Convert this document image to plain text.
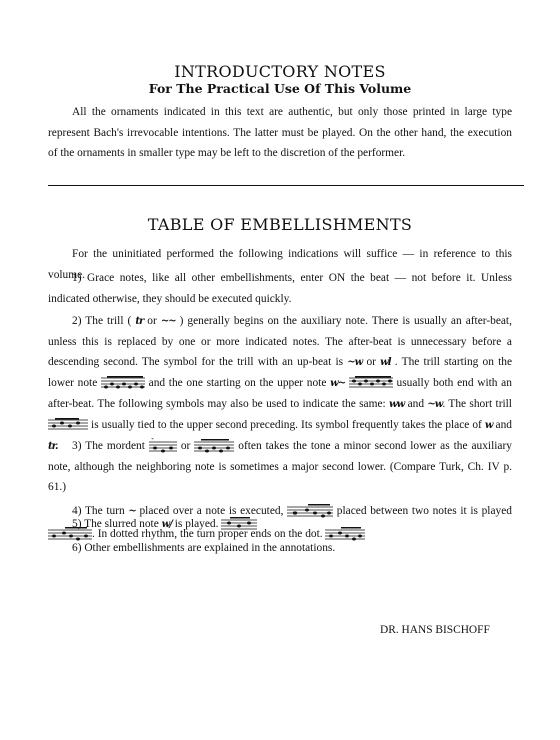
INTRODUCTORY NOTES
For The Practical Use Of This Volume
All the ornaments indicated in this text are authentic, but only those printed in large type represent Bach's irrevocable intentions. The latter must be played. On the other hand, the execution of the ornaments in smaller type may be left to the discretion of the performer.
TABLE OF EMBELLISHMENTS
For the uninitiated performed the following indications will suffice — in reference to this volume.
1) Grace notes, like all other embellishments, enter ON the beat — not before it. Unless indicated otherwise, they should be executed quickly.
2) The trill ( tr or ~~ ) generally begins on the auxiliary note. There is usually an after-beat, unless this is replaced by one or more indicated notes. The after-beat is unnecessary before a descending second. The symbol for the trill with an up-beat is ~w or wl . The trill starting on the lower note	and the one starting on the upper note w~	usually both end with an after-beat. The following symbols may also be used to indicate the same: ww and ~w. The short trill  is usually tied to the upper second preceding. Its symbol frequently takes the place of w and tr.	3) The mordent * or	often takes the tone a minor second lower as the auxiliary note, although the neighboring note is sometimes a major second lower. (Compare Turk, Ch. IV p. 61.)
4) The turn ~ placed over a note is executed,	placed between two notes it is played . In dotted rhythm, the turn proper ends on the dot.
5) The slurred note w/ is played.
6) Other embellishments are explained in the annotations.
DR. HANS BISCHOFF
